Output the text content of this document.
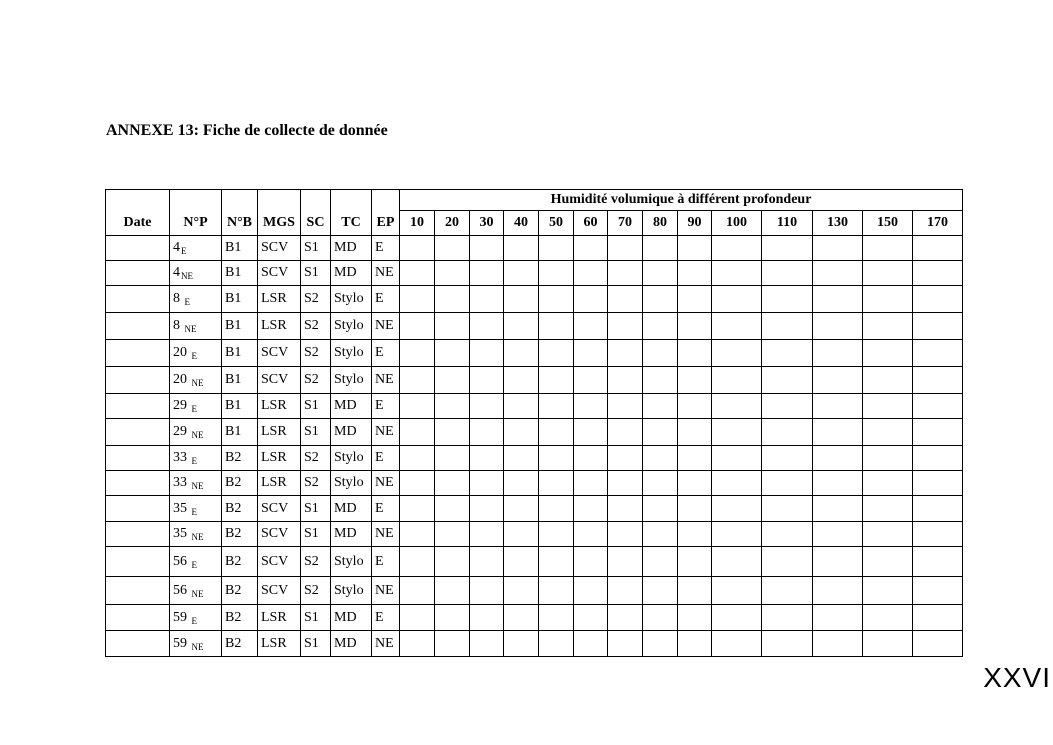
ANNEXE 13: Fiche de collecte de donnée
							Humidité volumique à différent profondeur													
Date	N°P	N°B	MGS	SC	TC	EP	10	20	30	40	50	60	70	80	90	100	110	130	150	170
	$4_E$	B1	SCV	S1	MD	E														
	$4_{NE}$	B1	SCV	S1	MD	NE														
	8 $_E$	B1	LSR	S2	Stylo	E														
	8 $_{NE}$	B1	LSR	S2	Stylo	NE														
	20 $_E$	B1	SCV	S2	Stylo	E														
	20 $_{NE}$	B1	SCV	S2	Stylo	NE														
	29 $_E$	B1	LSR	S1	MD	E														
	29 $_{NE}$	B1	LSR	S1	MD	NE														
	33 $_E$	B2	LSR	S2	Stylo	E														
	33 $_{NE}$	B2	LSR	S2	Stylo	NE														
	35 $_E$	B2	SCV	S1	MD	E														
	35 $_{NE}$	B2	SCV	S1	MD	NE														
	56 $_E$	B2	SCV	S2	Stylo	E														
	56 $_{NE}$	B2	SCV	S2	Stylo	NE														
	59 $_E$	B2	LSR	S1	MD	E														
	59 $_{NE}$	B2	LSR	S1	MD	NE														
XXVI
